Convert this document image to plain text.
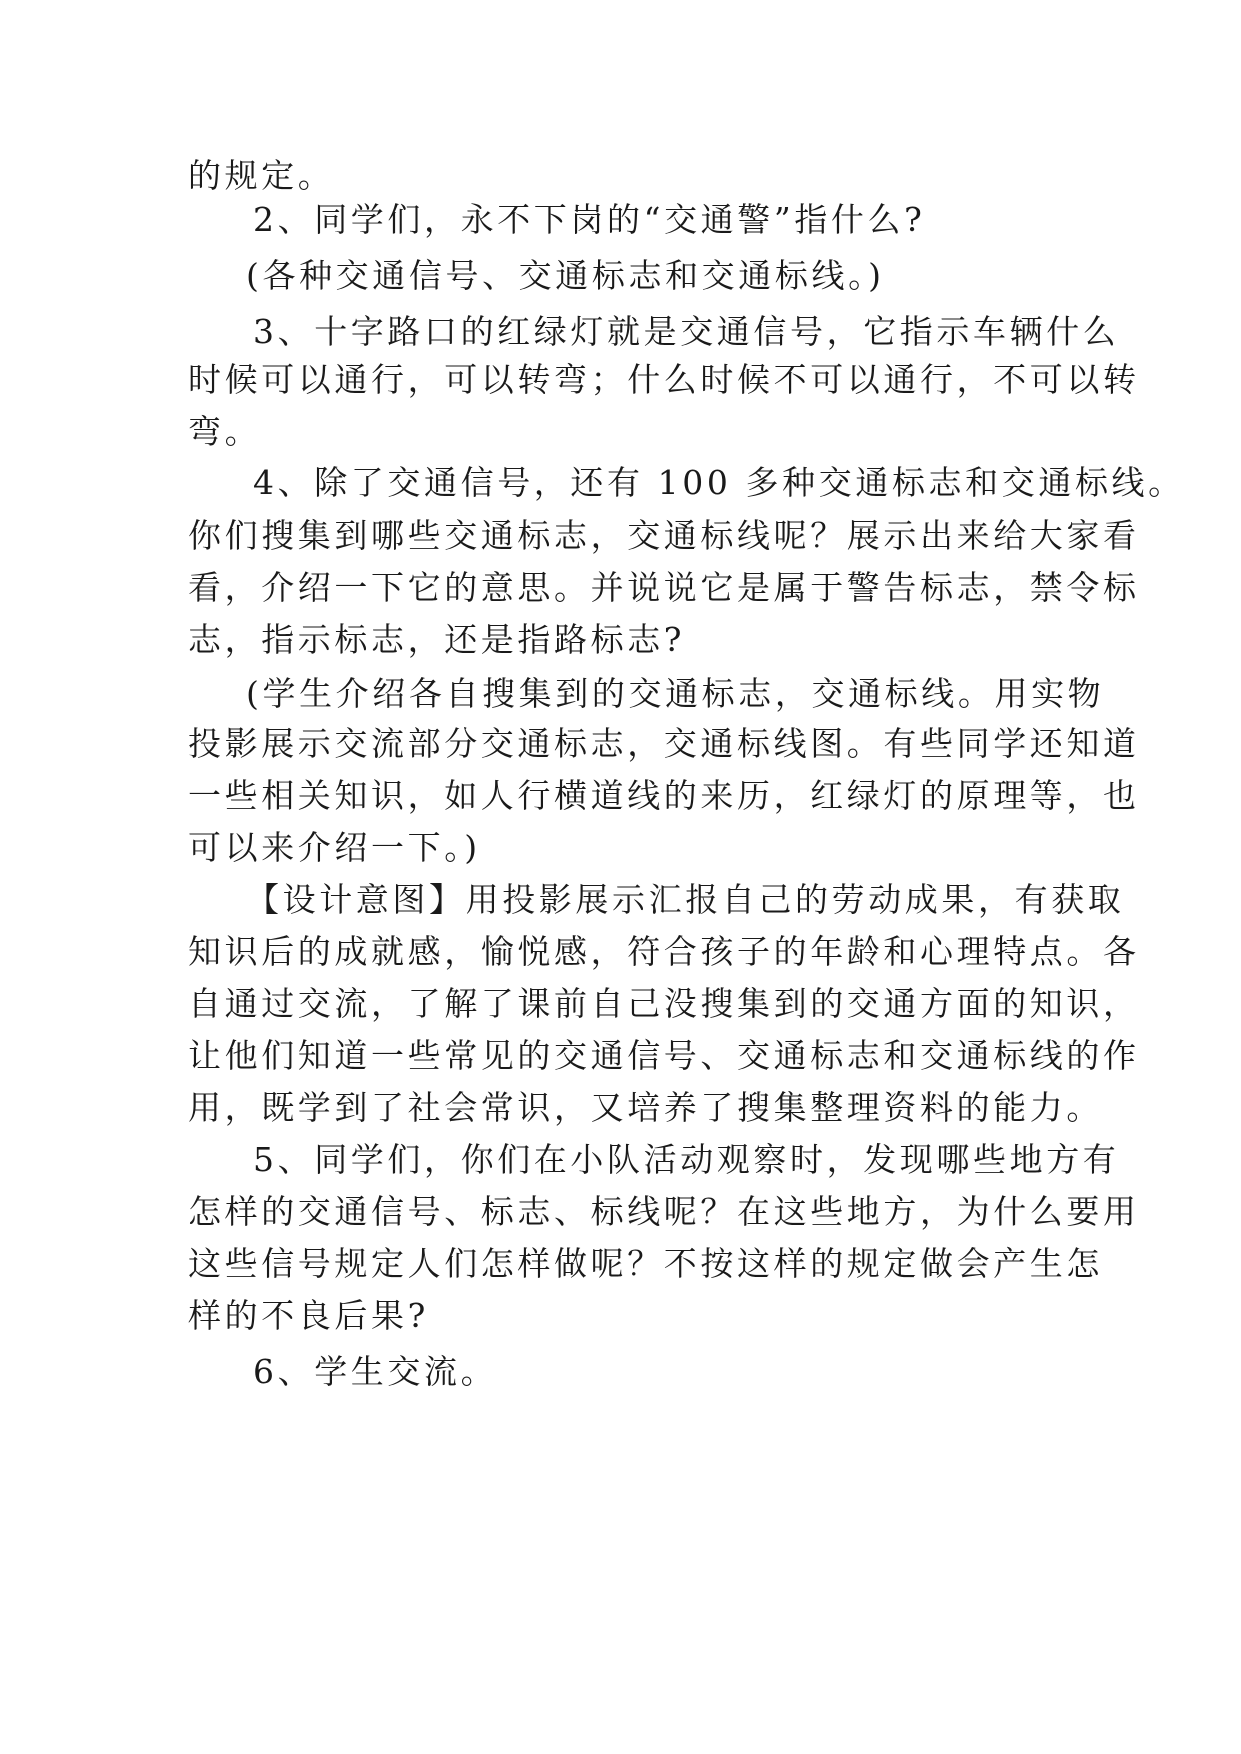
的规定。
2、同学们，永不下岗的“交通警”指什么?
(各种交通信号、交通标志和交通标线。)
3、十字路口的红绿灯就是交通信号，它指示车辆什么
时候可以通行，可以转弯；什么时候不可以通行，不可以转
弯。
4、除了交通信号，还有 100 多种交通标志和交通标线。
你们搜集到哪些交通标志，交通标线呢？展示出来给大家看
看，介绍一下它的意思。并说说它是属于警告标志，禁令标
志，指示标志，还是指路标志?
(学生介绍各自搜集到的交通标志，交通标线。用实物
投影展示交流部分交通标志，交通标线图。有些同学还知道
一些相关知识，如人行横道线的来历，红绿灯的原理等，也
可以来介绍一下。)
【设计意图】用投影展示汇报自己的劳动成果，有获取
知识后的成就感，愉悦感，符合孩子的年龄和心理特点。各
自通过交流，了解了课前自己没搜集到的交通方面的知识，
让他们知道一些常见的交通信号、交通标志和交通标线的作
用，既学到了社会常识，又培养了搜集整理资料的能力。
5、同学们，你们在小队活动观察时，发现哪些地方有
怎样的交通信号、标志、标线呢？在这些地方，为什么要用
这些信号规定人们怎样做呢？不按这样的规定做会产生怎
样的不良后果?
6、学生交流。
